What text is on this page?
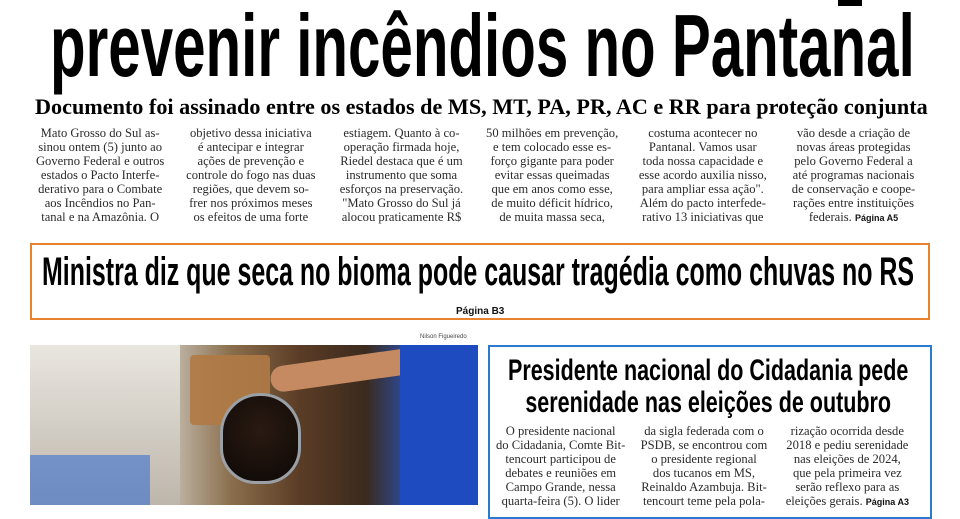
prevenir incêndios no Pantanal
Documento foi assinado entre os estados de MS, MT, PA, PR, AC e RR para proteção conjunta

Mato Grosso do Sul as-

sinou ontem (5) junto ao

Governo Federal e outros

estados o Pacto Interfe-

derativo para o Combate

aos Incêndios no Pan-

tanal e na Amazônia. O

objetivo dessa iniciativa

é antecipar e integrar

ações de prevenção e

controle do fogo nas duas

regiões, que devem so-

frer nos próximos meses

os efeitos de uma forte

estiagem. Quanto à co-

operação firmada hoje,

Riedel destaca que é um

instrumento que soma

esforços na preservação.

"Mato Grosso do Sul já

alocou praticamente R$

50 milhões em prevenção,

e tem colocado esse es-

forço gigante para poder

evitar essas queimadas

que em anos como esse,

de muito déficit hídrico,

de muita massa seca,

costuma acontecer no

Pantanal. Vamos usar

toda nossa capacidade e

esse acordo auxilia nisso,

para ampliar essa ação".

Além do pacto interfede-

rativo 13 iniciativas que

vão desde a criação de

novas áreas protegidas

pelo Governo Federal a

até programas nacionais

de conservação e coope-

rações entre instituições

federais. Página A5

Ministra diz que seca no bioma pode causar tragédia como chuvas no RS
Página B3
Nilson Figueiredo
Presidente nacional do Cidadania pede
serenidade nas eleições de outubro

O presidente nacional

do Cidadania, Comte Bit-

tencourt participou de

debates e reuniões em

Campo Grande, nessa

quarta-feira (5). O lider

da sigla federada com o

PSDB, se encontrou com

o presidente regional

dos tucanos em MS,

Reinaldo Azambuja. Bit-

tencourt teme pela pola-

rização ocorrida desde

2018 e pediu serenidade

nas eleições de 2024,

que pela primeira vez

serão reflexo para as

eleições gerais. Página A3
